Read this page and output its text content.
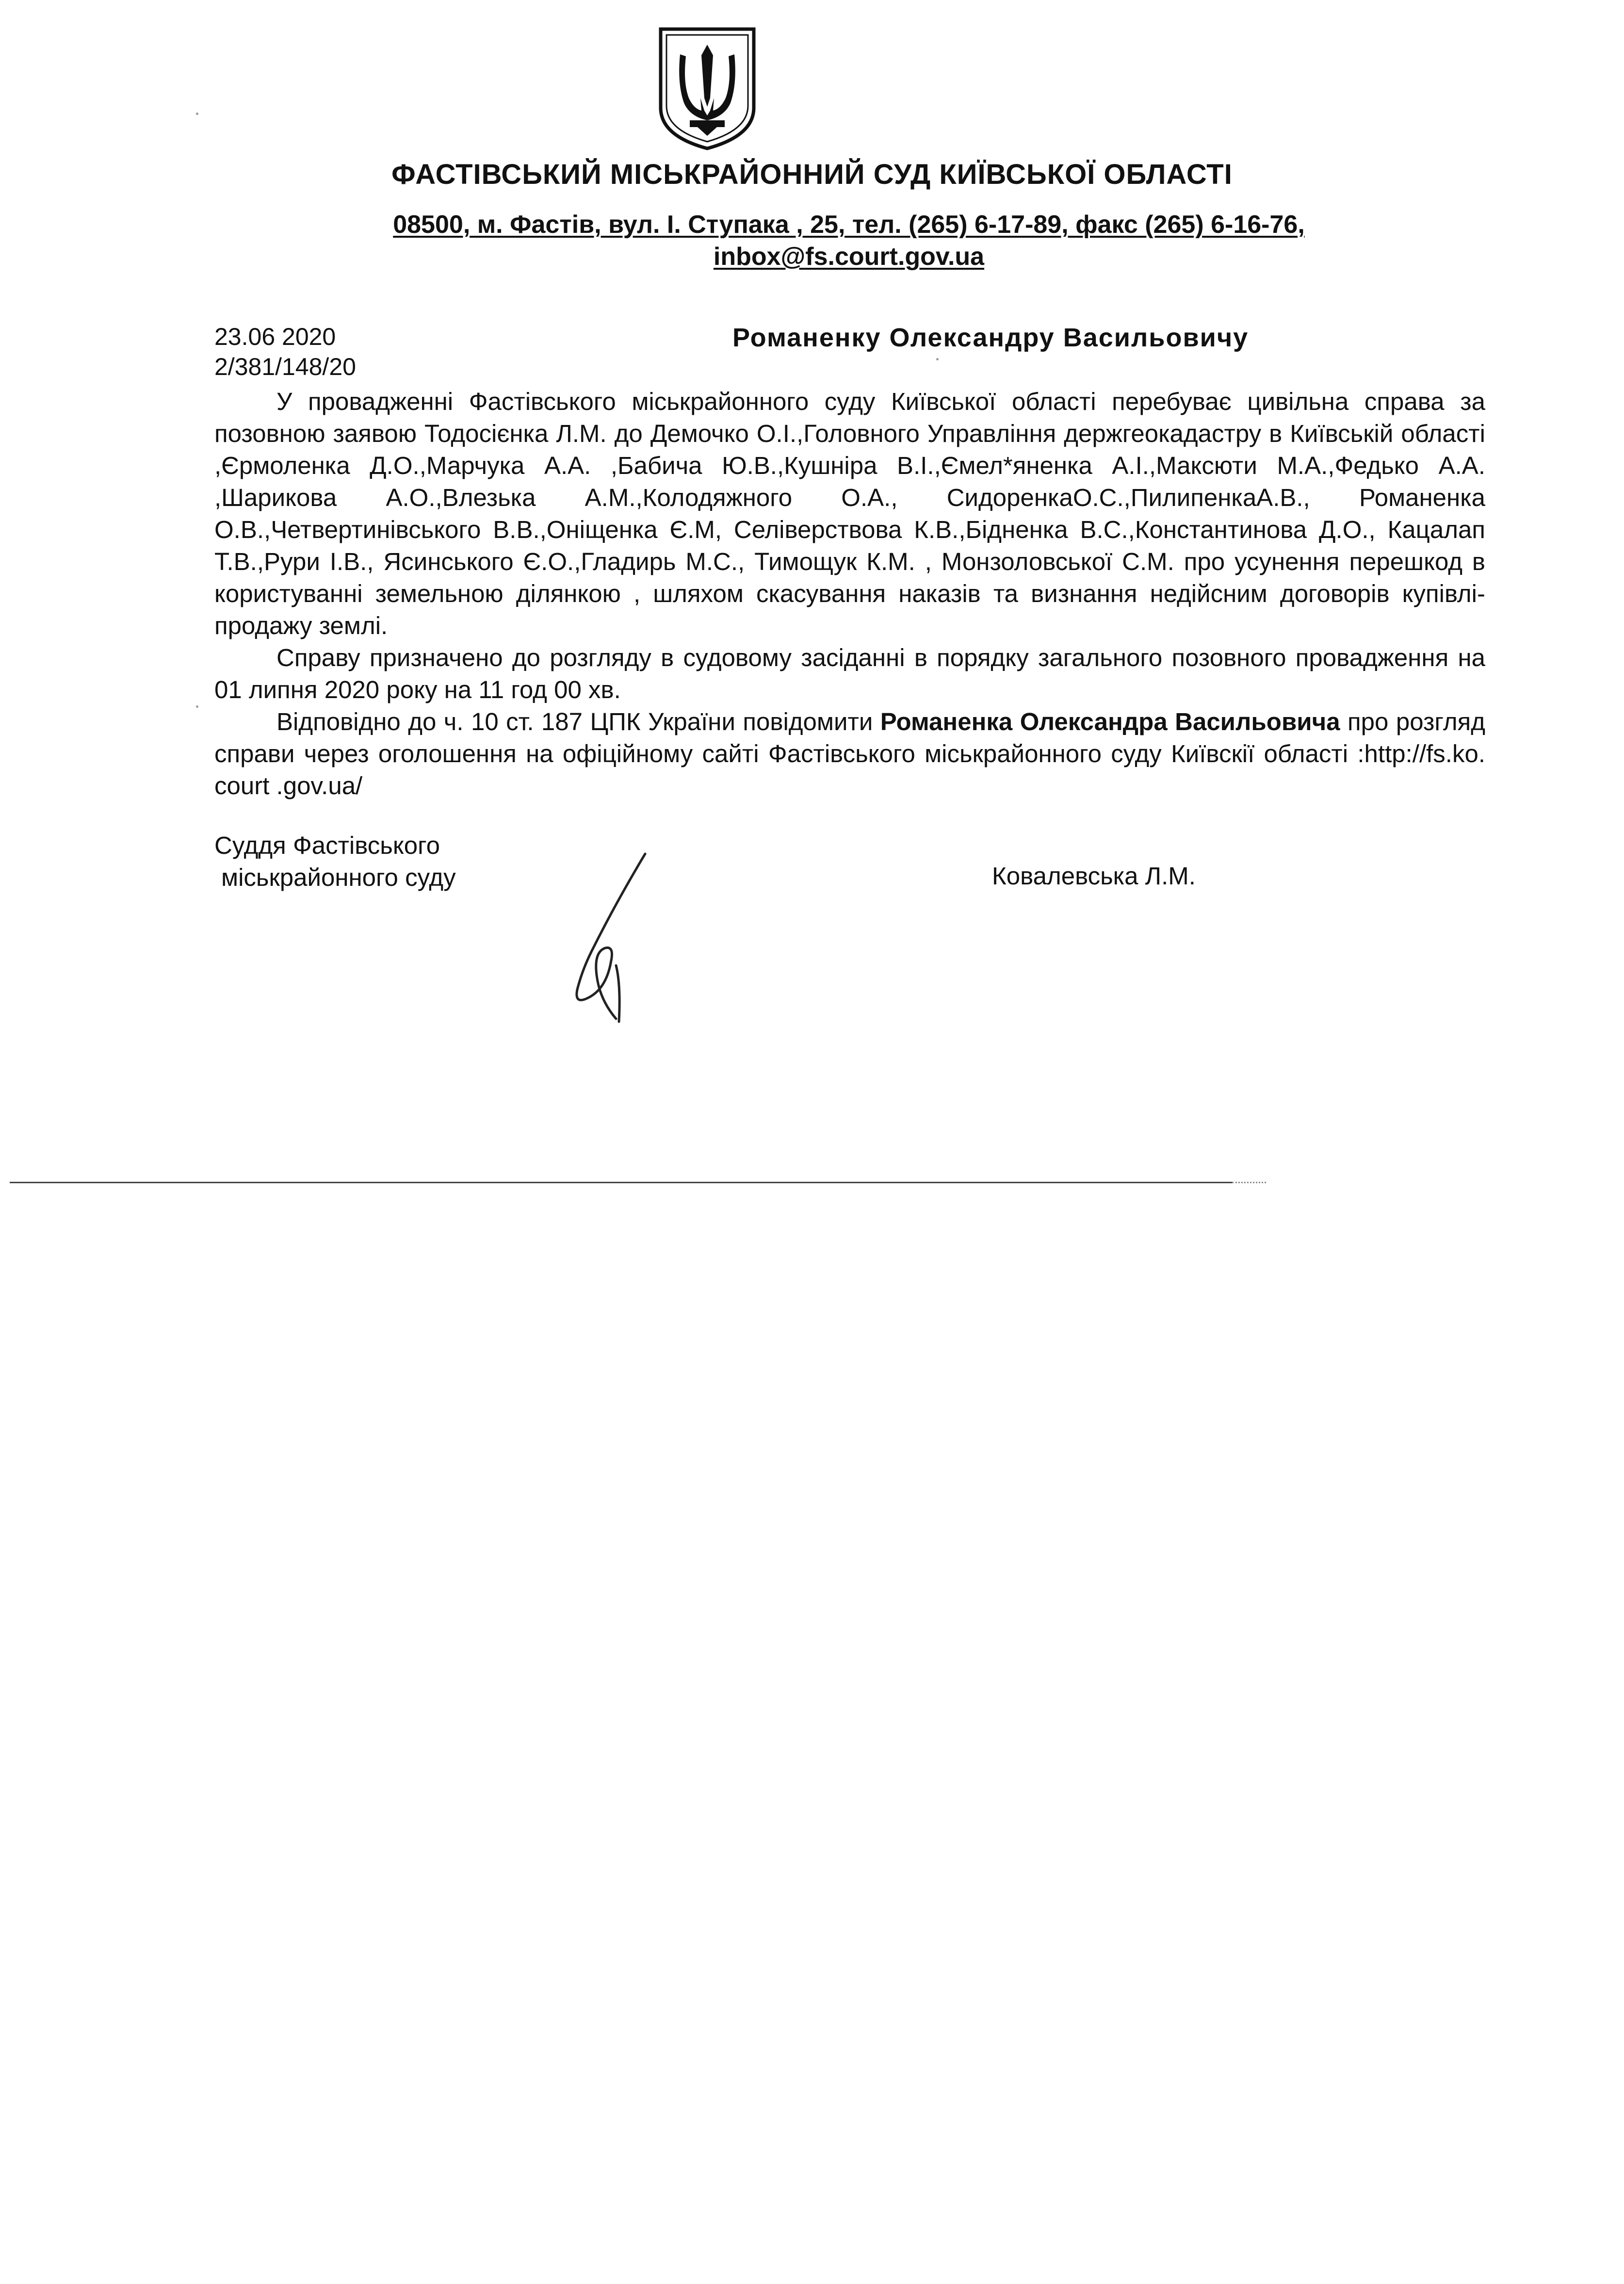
ФАСТІВСЬКИЙ МІСЬКРАЙОННИЙ СУД КИЇВСЬКОЇ ОБЛАСТІ
08500, м. Фастів, вул. І. Ступака , 25, тел. (265) 6-17-89, факс (265) 6-16-76,
inbox@fs.court.gov.ua
23.06 2020
2/381/148/20
Романенку Олександру Васильовичу

У провадженні Фастівського міськрайонного суду Київської області перебуває цивільна справа за позовною заявою Тодосієнка Л.М. до Демочко О.І.,Головного Управління держгеокадастру в Київській області ,Єрмоленка Д.О.,Марчука А.А. ,Бабича Ю.В.,Кушніра В.І.,Ємел*яненка А.І.,Максюти М.А.,Федько А.А. ,Шарикова А.О.,Влезька А.М.,Колодяжного О.А., СидоренкаО.С.,ПилипенкаА.В., Романенка О.В.,Четвертинівського В.В.,Оніщенка Є.М, Селіверствова К.В.,Бідненка В.С.,Константинова Д.О., Кацалап Т.В.,Рури І.В., Ясинського Є.О.,Гладирь М.С., Тимощук К.М. , Монзоловської С.М. про усунення перешкод в користуванні земельною ділянкою , шляхом скасування наказів та визнання недійсним договорів купівлі- продажу землі.

Справу призначено до розгляду в судовому засіданні в порядку загального позовного провадження на 01 липня 2020 року на 11 год 00 хв.

Відповідно до ч. 10 ст. 187 ЦПК України повідомити Романенка Олександра Васильовича про розгляд справи через оголошення на офіційному сайті Фастівського міськрайонного суду Київскії області :http://fs.ko. court .gov.ua/

Суддя Фастівського
міськрайонного суду	Ковалевська Л.М.
